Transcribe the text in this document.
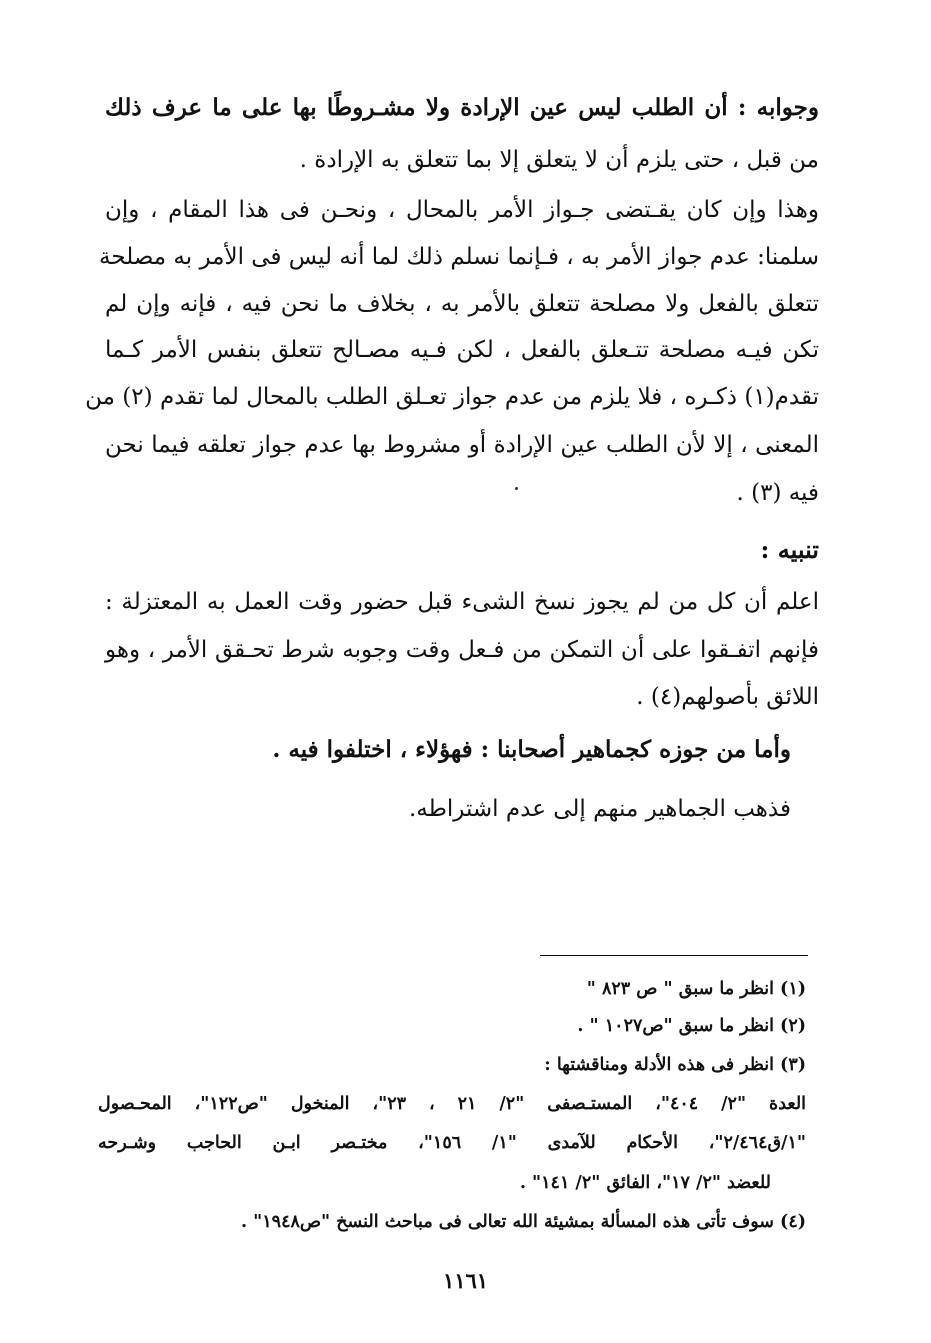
وجوابه : أن الطلب ليس عين الإرادة ولا مشـروطًا بها على ما عرف ذلك
من قبل ، حتى يلزم أن لا يتعلق إلا بما تتعلق به الإرادة .
وهذا وإن كان يقـتضى جـواز الأمر بالمحال ، ونحـن فى هذا المقام ، وإن
سلمنا: عدم جواز الأمر به ، فـإنما نسلم ذلك لما أنه ليس فى الأمر به مصلحة
تتعلق بالفعل ولا مصلحة تتعلق بالأمر به ، بخلاف ما نحن فيه ، فإنه وإن لم
تكن فيـه مصلحة تتـعلق بالفعل ، لكن فـيه مصـالح تتعلق بنفس الأمر كـما
تقدم(١) ذكـره ، فلا يلزم من عدم جواز تعـلق الطلب بالمحال لما تقدم (٢) من
المعنى ، إلا لأن الطلب عين الإرادة أو مشروط بها عدم جواز تعلقه فيما نحن
فيه (٣) .
تنبيه :
اعلم أن كل من لم يجوز نسخ الشىء قبل حضور وقت العمل به المعتزلة :
فإنهم اتفـقوا على أن التمكن من فـعل وقت وجوبه شرط تحـقق الأمر ، وهو
اللائق بأصولهم(٤) .
وأما من جوزه كجماهير أصحابنا : فهؤلاء ، اختلفوا فيه .
فذهب الجماهير منهم إلى عدم اشتراطه.
(١) انظر ما سبق " ص ٨٢٣ "
(٢) انظر ما سبق "ص١٠٢٧ " .
(٣) انظر فى هذه الأدلة ومناقشتها :
العدة "٢/ ٤٠٤"، المستـصفى "٢/ ٢١ ، ٢٣"، المنخول "ص١٢٢"، المحـصول
"١/ق٢/٤٦٤"، الأحكام للآمدى "١/ ١٥٦"، مختـصر ابـن الحاجب وشـرحه
للعضد "٢/ ١٧"، الفائق "٢/ ١٤١" .
(٤) سوف تأتى هذه المسألة بمشيئة الله تعالى فى مباحث النسخ "ص١٩٤٨" .
١١٦١
